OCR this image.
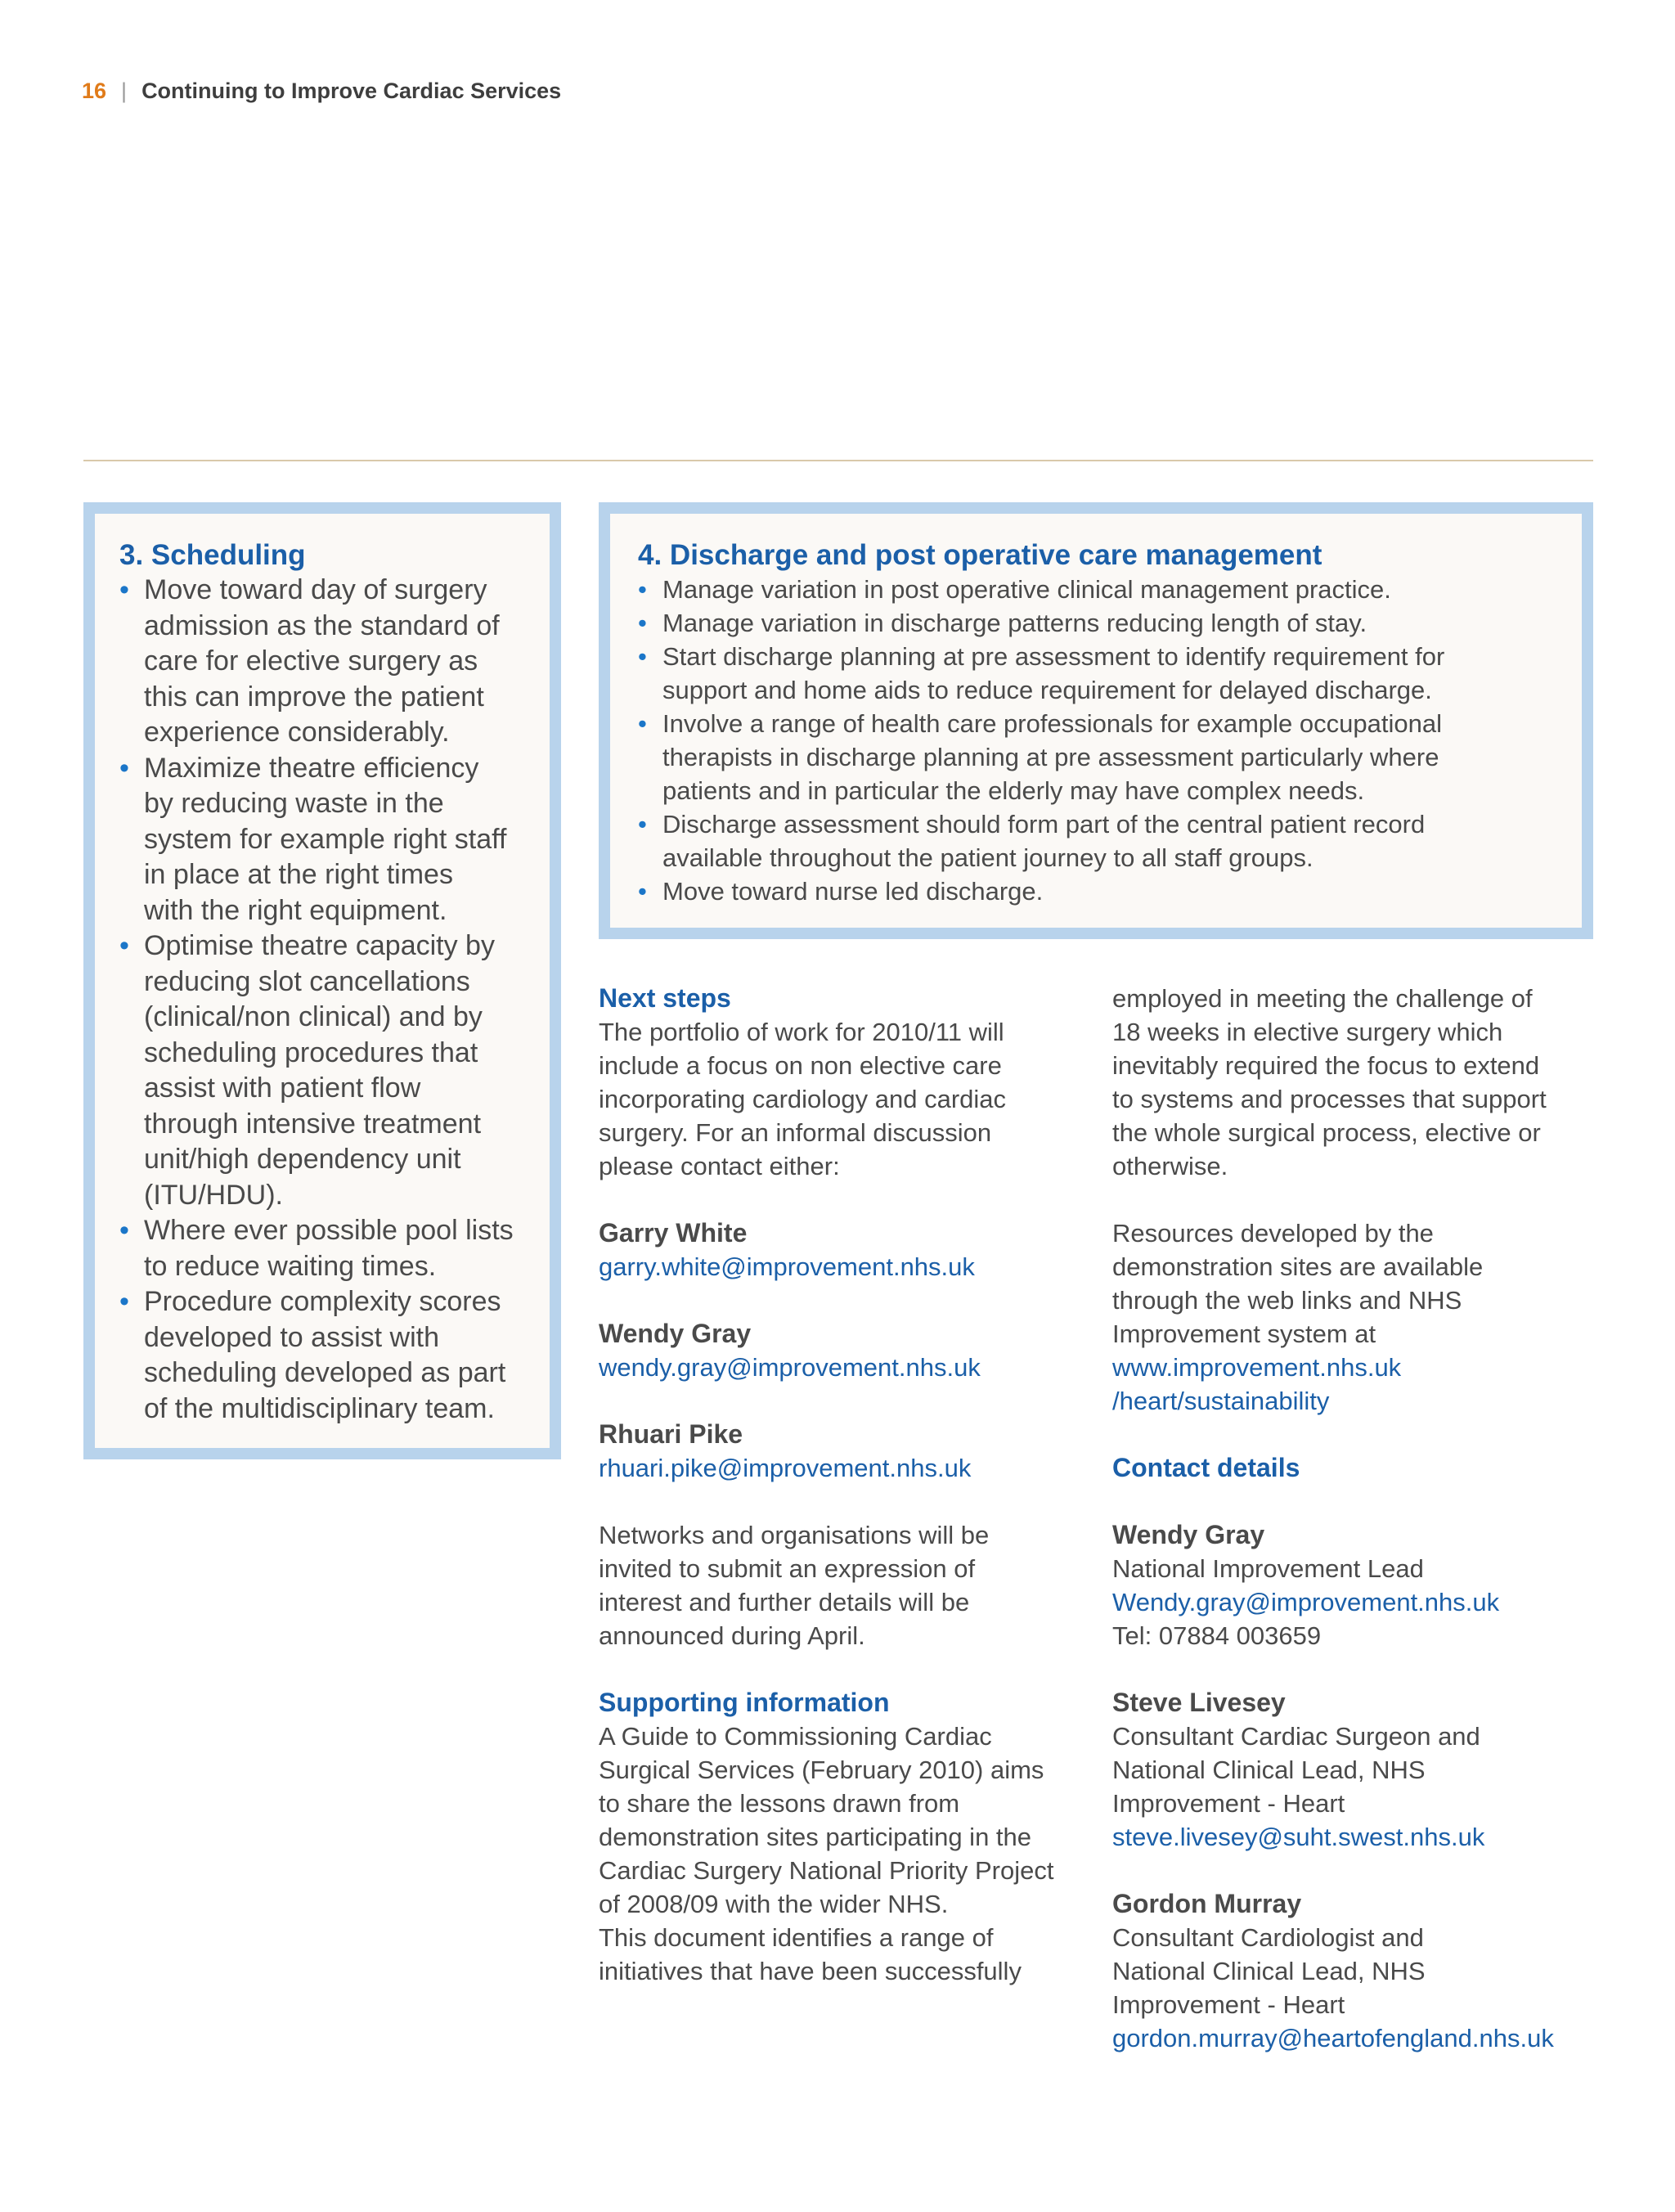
16 | Continuing to Improve Cardiac Services
3. Scheduling
• Move toward day of surgery
admission as the standard of
care for elective surgery as
this can improve the patient
experience considerably.
• Maximize theatre efficiency
by reducing waste in the
system for example right staff
in place at the right times
with the right equipment.
• Optimise theatre capacity by
reducing slot cancellations
(clinical/non clinical) and by
scheduling procedures that
assist with patient flow
through intensive treatment
unit/high dependency unit
(ITU/HDU).
• Where ever possible pool lists
to reduce waiting times.
• Procedure complexity scores
developed to assist with
scheduling developed as part
of the multidisciplinary team.
4. Discharge and post operative care management
• Manage variation in post operative clinical management practice.
• Manage variation in discharge patterns reducing length of stay.
• Start discharge planning at pre assessment to identify requirement for
support and home aids to reduce requirement for delayed discharge.
• Involve a range of health care professionals for example occupational
therapists in discharge planning at pre assessment particularly where
patients and in particular the elderly may have complex needs.
• Discharge assessment should form part of the central patient record
available throughout the patient journey to all staff groups.
• Move toward nurse led discharge.
Next steps

The portfolio of work for 2010/11 will

include a focus on non elective care

incorporating cardiology and cardiac

surgery. For an informal discussion

please contact either:

Garry White

garry.white@improvement.nhs.uk

Wendy Gray

wendy.gray@improvement.nhs.uk

Rhuari Pike

rhuari.pike@improvement.nhs.uk

Networks and organisations will be

invited to submit an expression of

interest and further details will be

announced during April.

Supporting information

A Guide to Commissioning Cardiac

Surgical Services (February 2010) aims

to share the lessons drawn from

demonstration sites participating in the

Cardiac Surgery National Priority Project

of 2008/09 with the wider NHS.

This document identifies a range of

initiatives that have been successfully

employed in meeting the challenge of

18 weeks in elective surgery which

inevitably required the focus to extend

to systems and processes that support

the whole surgical process, elective or

otherwise.

Resources developed by the

demonstration sites are available

through the web links and NHS

Improvement system at

www.improvement.nhs.uk

/heart/sustainability

Contact details

Wendy Gray

National Improvement Lead

Wendy.gray@improvement.nhs.uk

Tel: 07884 003659

Steve Livesey

Consultant Cardiac Surgeon and

National Clinical Lead, NHS

Improvement - Heart

steve.livesey@suht.swest.nhs.uk

Gordon Murray

Consultant Cardiologist and

National Clinical Lead, NHS

Improvement - Heart

gordon.murray@heartofengland.nhs.uk
